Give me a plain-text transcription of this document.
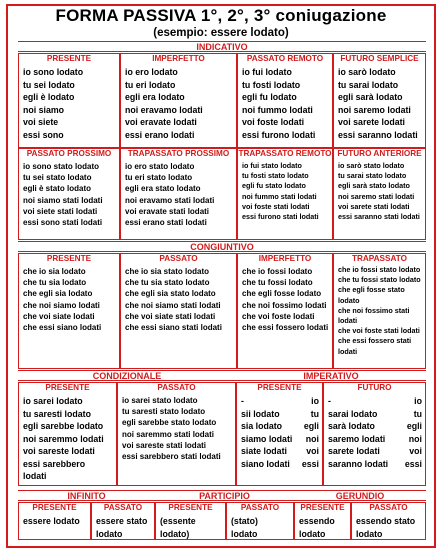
FORMA PASSIVA 1°, 2°, 3° coniugazione
(esempio: essere lodato)
INDICATIVO
PRESENTE
io sono lodato
tu sei lodato
egli è lodato
noi siamo
voi siete
essi sono
IMPERFETTO
io ero lodato
tu eri lodato
egli era lodato
noi eravamo lodati
voi eravate lodati
essi erano lodati
PASSATO REMOTO
io fui lodato
tu fosti lodato
egli fu lodato
noi fummo lodati
voi foste lodati
essi furono lodati
FUTURO SEMPLICE
io sarò lodato
tu sarai lodato
egli sarà lodato
noi saremo lodati
voi sarete lodati
essi saranno lodati
PASSATO PROSSIMO
io sono stato lodato
tu sei stato lodato
egli è stato lodato
noi siamo stati lodati
voi siete stati lodati
essi sono stati lodati
TRAPASSATO PROSSIMO
io ero stato lodato
tu eri stato lodato
egli era stato lodato
noi eravamo stati lodati
voi eravate stati lodati
essi erano stati lodati
TRAPASSATO REMOTO
io fui stato lodato
tu fosti stato lodato
egli fu stato lodato
noi fummo stati lodati
voi foste stati lodati
essi furono stati lodati
FUTURO ANTERIORE
io sarò stato lodato
tu sarai stato lodato
egli sarà stato lodato
noi saremo stati lodati
voi sarete stati lodati
essi saranno stati lodati
CONGIUNTIVO
PRESENTE
che io sia lodato
che tu sia lodato
che egli sia lodato
che noi siamo lodati
che voi siate lodati
che essi siano lodati
PASSATO
che io sia stato lodato
che tu sia stato lodato
che egli sia stato lodato
che noi siamo stati lodati
che voi siate stati lodati
che essi siano stati lodati
IMPERFETTO
che io fossi lodato
che tu fossi lodato
che egli fosse lodato
che noi fossimo lodati
che voi foste lodati
che essi fossero lodati
TRAPASSATO
che io fossi stato lodato
che tu fossi stato lodato
che egli fosse stato lodato
che noi fossimo stati lodati
che voi foste stati lodati
che essi fossero stati lodati
CONDIZIONALE	IMPERATIVO
PRESENTE
io sarei lodato
tu saresti lodato
egli sarebbe lodato
noi saremmo lodati
voi sareste lodati
essi sarebbero lodati
PASSATO
io sarei stato lodato
tu saresti stato lodato
egli sarebbe stato lodato
noi saremmo stati lodati
voi sareste stati lodati
essi sarebbero stati lodati
PRESENTE
-	io
sii lodato	tu
sia lodato egli
siamo lodati noi
siate lodati voi
siano lodati essi
FUTURO
-	io
sarai lodato	tu
sarà lodato	egli
saremo lodati	noi
sarete lodati	voi
saranno lodati essi
INFINITO	PARTICIPIO	GERUNDIO
PRESENTE
essere lodato
PASSATO
essere stato
lodato
PRESENTE
(essente
lodato)
PASSATO
(stato)
lodato
PRESENTE
essendo
lodato
PASSATO
essendo stato
lodato
